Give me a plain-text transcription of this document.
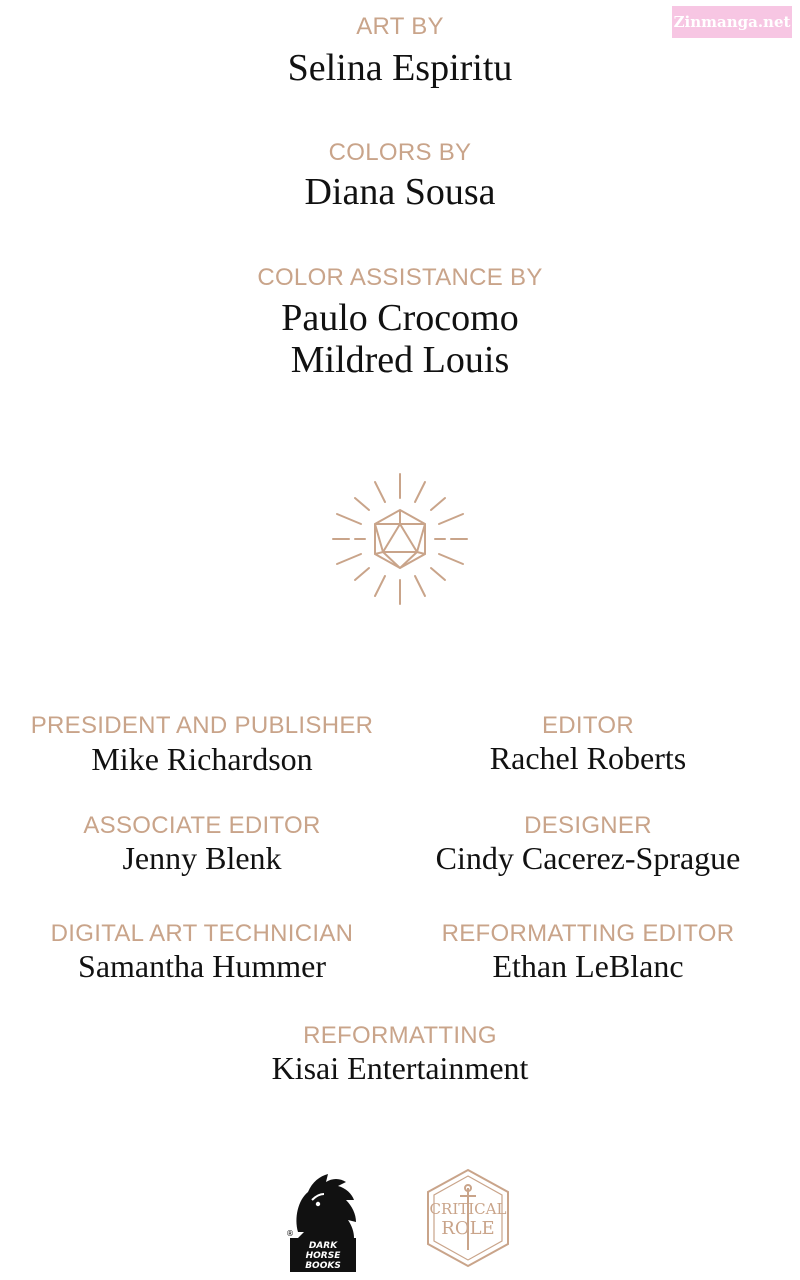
Zinmanga.net
ART BY
Selina Espiritu
COLORS BY
Diana Sousa
COLOR ASSISTANCE BY
Paulo Crocomo
Mildred Louis
PRESIDENT AND PUBLISHER
Mike Richardson
EDITOR
Rachel Roberts
ASSOCIATE EDITOR
Jenny Blenk
DESIGNER
Cindy Cacerez-Sprague
DIGITAL ART TECHNICIAN
Samantha Hummer
REFORMATTING EDITOR
Ethan LeBlanc
REFORMATTING
Kisai Entertainment
®
DARK
HORSE
BOOKS
CRITICAL
ROLE
